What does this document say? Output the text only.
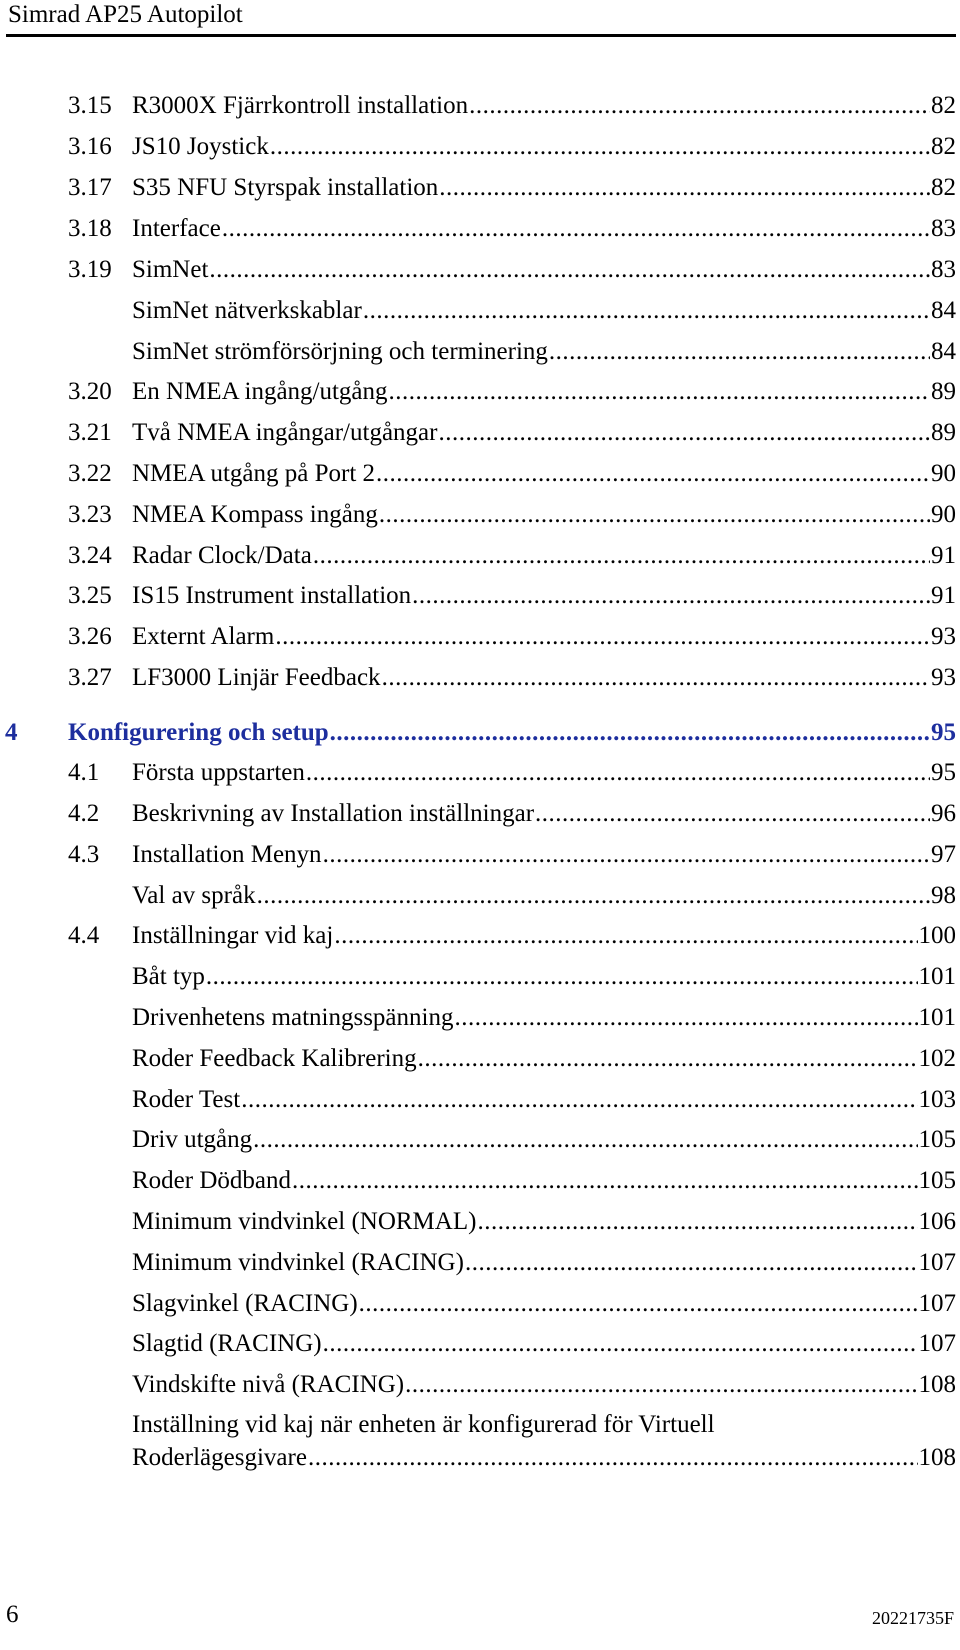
Simrad AP25 Autopilot
3.15 R3000X Fjärrkontroll installation .....	82
3.16 JS10 Joystick .....	82
3.17 S35 NFU Styrspak installation .....	82
3.18 Interface .....	83
3.19 SimNet .....	83
SimNet nätverkskablar .....	84
SimNet strömförsörjning och terminering .....	84
3.20 En NMEA ingång/utgång .....	89
3.21 Två NMEA ingångar/utgångar .....	89
3.22 NMEA utgång på Port 2 .....	90
3.23 NMEA Kompass ingång .....	90
3.24 Radar Clock/Data .....	91
3.25 IS15 Instrument installation .....	91
3.26 Externt Alarm .....	93
3.27 LF3000 Linjär Feedback .....	93
4 Konfigurering och setup .....	95
4.1 Första uppstarten .....	95
4.2 Beskrivning av Installation inställningar .....	96
4.3 Installation Menyn .....	97
Val av språk .....	98
4.4 Inställningar vid kaj .....	100
Båt typ .....	101
Drivenhetens matningsspänning .....	101
Roder Feedback Kalibrering .....	102
Roder Test .....	103
Driv utgång .....	105
Roder Dödband .....	105
Minimum vindvinkel (NORMAL) .....	106
Minimum vindvinkel (RACING) .....	107
Slagvinkel (RACING) .....	107
Slagtid (RACING) .....	107
Vindskifte nivå (RACING) .....	108
Inställning vid kaj när enheten är konfigurerad för Virtuell
Roderlägesgivare .....	108
6	20221735F
